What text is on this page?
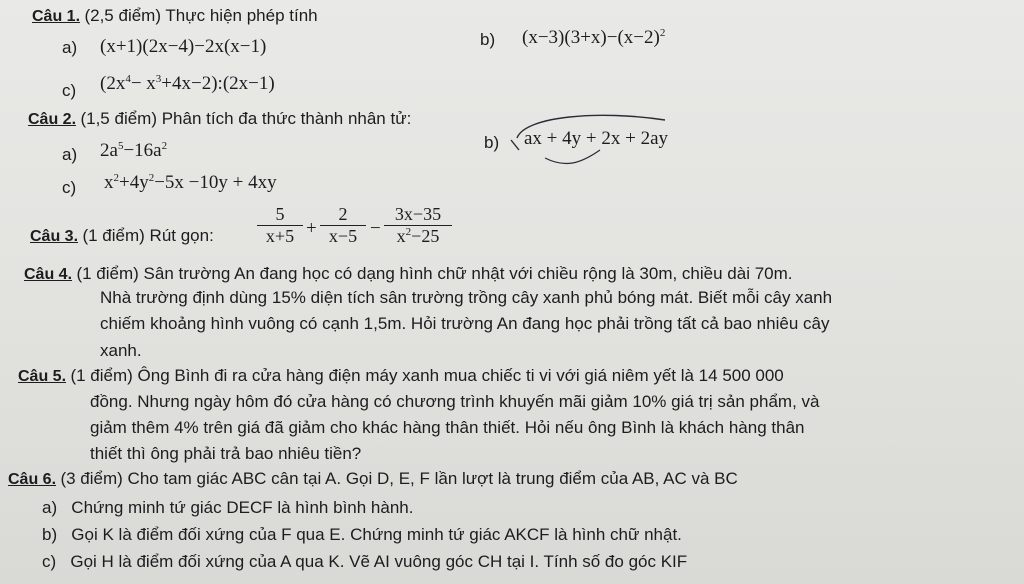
Câu 1. (2,5 điểm) Thực hiện phép tính
a) (x+1)(2x−4)−2x(x−1)	b) $(x-3)(3+x)-(x-2)^2$
c) ($2x^4-$ $x^3+4x-2):(2x-1)$
Câu 2. (1,5 điểm) Phân tích đa thức thành nhân tử:
a) $2a^5-16a^2$	b) ax + 4y + 2x + 2ay
c) $x^2+4y^2-5x -10y + 4xy$
Câu 3. (1 điểm) Rút gọn: $\frac{5}{x+5} + \frac{2}{x-5} - \frac{3x-35}{x^2-25}$
Câu 4. (1 điểm) Sân trường An đang học có dạng hình chữ nhật với chiều rộng là 30m, chiều dài 70m.
Nhà trường định dùng 15% diện tích sân trường trồng cây xanh phủ bóng mát. Biết mỗi cây xanh
chiếm khoảng hình vuông có cạnh 1,5m. Hỏi trường An đang học phải trồng tất cả bao nhiêu cây
xanh.
Câu 5. (1 điểm) Ông Bình đi ra cửa hàng điện máy xanh mua chiếc ti vi với giá niêm yết là 14 500 000
đồng. Nhưng ngày hôm đó cửa hàng có chương trình khuyến mãi giảm 10% giá trị sản phẩm, và
giảm thêm 4% trên giá đã giảm cho khác hàng thân thiết. Hỏi nếu ông Bình là khách hàng thân
thiết thì ông phải trả bao nhiêu tiền?
Câu 6. (3 điểm) Cho tam giác ABC cân tại A. Gọi D, E, F lần lượt là trung điểm của AB, AC và BC
a) Chứng minh tứ giác DECF là hình bình hành.
b) Gọi K là điểm đối xứng của F qua E. Chứng minh tứ giác AKCF là hình chữ nhật.
c) Gọi H là điểm đối xứng của A qua K. Vẽ AI vuông góc CH tại I. Tính số đo góc KIF
